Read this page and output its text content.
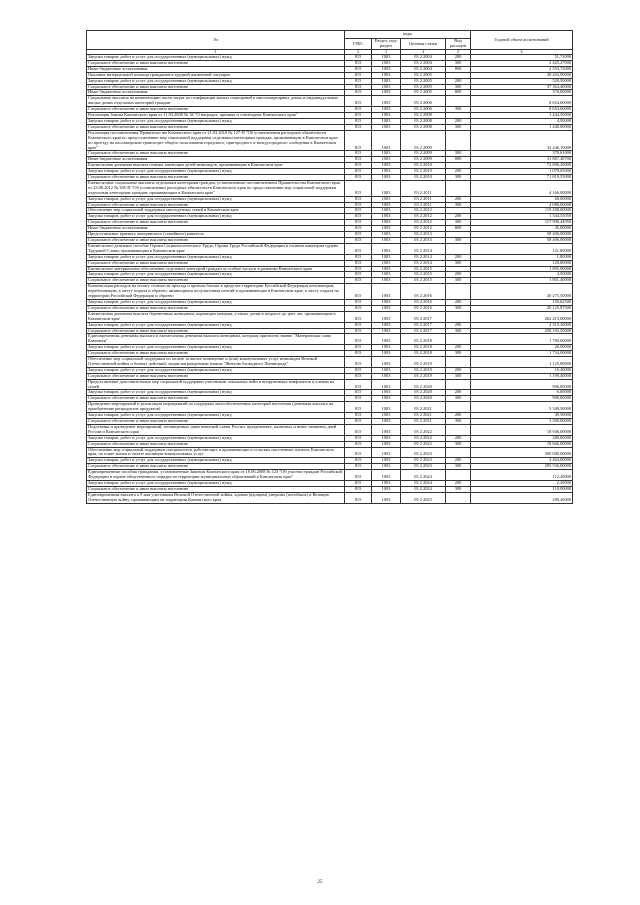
Эл	коды				Годовой объем ассигнований
	ГРБС	Раздел, под-раздел	Целевая статья	Вид расходов	
1	2	3	4	5	6
Закупка товаров, работ и услуг для государственных (муниципальных) нужд	815	1003	03 2 2004	200	51,71000
Социальное обеспечение и иные выплаты населению	815	1003	03 2 2004	300	2 425,27000
Иные бюджетные ассигнования	815	1003	03 2 2004	800	2 553,72000
Оказание материальной помощи гражданам в трудной жизненной ситуации	815	1003	03 2 2005		38 263,90000
Закупка товаров, работ и услуг для государственных (муниципальных) нужд	815	1003	03 2 2005	200	529,50000
Социальное обеспечение и иные выплаты населению	815	1003	03 2 2005	300	37 364,40000
Иные бюджетные ассигнования	815	1003	03 2 2005	800	370,00000
Социальные выплаты на компенсацию части затрат по газификации жилых помещений в многоквартирных домах и индивидуальных жилых домах отдельных категорий граждан	815	1003	03 2 2006		8 654,60000
Социальное обеспечение и иные выплаты населению	815	1003	03 2 2006	300	8 654,60000
Реализация Закона Камчатского края от 11.03.2008 № 18 "О наградах, премиях и стипендиях Камчатского края"	815	1003	03 2 2008		1 444,50000
Закупка товаров, работ и услуг для государственных (муниципальных) нужд	815	1003	03 2 2008	200	4,50000
Социальное обеспечение и иные выплаты населению	815	1003	03 2 2008	300	1 440,00000
Реализация постановления Правительства Камчатского края от 21.03.2010 № 127-П "Об установлении расходных обязательств Камчатского края по предоставлению мер социальной поддержки отдельным категориям граждан, проживающим в Камчатском крае, по проезду на пассажирском транспорте общего пользования городского, пригородного и междугородного сообщения в Камчатском крае"	815	1003	03 2 2009		32 246,10000
Социальное обеспечение и иные выплаты населению	815	1003	03 2 2009	300	379,01000
Иные бюджетные ассигнования	815	1003	03 2 2009	800	31 867,48700
Ежемесячная денежная выплата семьям, имеющим детей-инвалидов, проживающим в Камчатском крае	815	1003	03 2 2010		72 896,20000
Закупка товаров, работ и услуг для государственных (муниципальных) нужд	815	1003	03 2 2010	200	1 079,65000
Социальное обеспечение и иные выплаты населению	815	1003	03 2 2010	300	71 819,55000
Ежемесячные социальные выплаты отдельным категориям граждан, установленные постановлением Правительства Камчатского края от 23.08.2012 № 385-П "Об установлении расходных обязательств Камчатского края по предоставлению мер социальной поддержки отдельным категориям граждан, проживающим в Камчатском крае"	815	1003	03 2 2011		4 166,00000
Закупка товаров, работ и услуг для государственных (муниципальных) нужд	815	1003	03 2 2011	200	60,00000
Социальное обеспечение и иные выплаты населению	815	1003	03 2 2011	300	4 086,00000
Обеспечение мер социальной поддержки многодетных семей в Камчатском крае	815	1003	03 2 2012		119 298,00000
Закупка товаров, работ и услуг для государственных (муниципальных) нужд	815	1003	03 2 2012	200	1 344,55050
Социальное обеспечение и иные выплаты населению	815	1003	03 2 2012	300	117 908,44950
Иные бюджетные ассигнования	815	1003	03 2 2012	800	45,00000
Предоставление краевого материнского (семейного) капитала	815	1003	03 2 2013		58 406,00000
Социальное обеспечение и иные выплаты населению	815	1003	03 2 2013	300	58 406,00000
Ежемесячное денежное пособие Героям Социалистического Труда, Героям Труда Российской Федерации и полным кавалерам ордена Трудовой Славы, проживающим в Камчатском крае	815	1003	03 2 2014		121,80000
Закупка товаров, работ и услуг для государственных (муниципальных) нужд	815	1003	03 2 2014	200	1,80000
Социальное обеспечение и иные выплаты населению	815	1003	03 2 2014	300	120,00000
Ежемесячное материальное обеспечение отдельных категорий граждан за особые заслуги в развитии Камчатского края	815	1003	03 2 2015		1 805,90000
Закупка товаров, работ и услуг для государственных (муниципальных) нужд	815	1003	03 2 2015	200	4,50000
Социальное обеспечение и иные выплаты населению	815	1003	03 2 2015	300	1 801,40000
Компенсация расходов на оплату стоимости проезда и провоза багажа в пределах территории Российской Федерации пенсионерам, неработающим, к месту отдыха и обратно, являющимся получателями пенсий и проживающим в Камчатском крае, к месту отдыха на территории Российской Федерации и обратно	815	1003	03 2 2016		20 275,50000
Закупка товаров, работ и услуг для государственных (муниципальных) нужд	815	1003	03 2 2016	200	150,62500
Социальное обеспечение и иные выплаты населению	815	1003	03 2 2016	300	20 125,87500
Ежемесячная денежная выплата беременным женщинам, кормящим матерям, а также детям в возрасте до трех лет, проживающим в Камчатском крае	815	1003	03 2 2017		262 415,00000
Закупка товаров, работ и услуг для государственных (муниципальных) нужд	815	1003	03 2 2017	200	4 310,30000
Социальное обеспечение и иные выплаты населению	815	1003	03 2 2017	300	258 105,50000
Единовременная денежная выплата и ежемесячная денежная выплата женщинам, которым присвоено звание "Материнская слава Камчатки"	815	1003	03 2 2018		1 760,60000
Закупка товаров, работ и услуг для государственных (муниципальных) нужд	815	1003	03 2 2018	200	26,00000
Социальное обеспечение и иные выплаты населению	815	1003	03 2 2018	300	1 734,00000
Обеспечение мер социальной поддержки по оплате за жилое помещение и (или) коммунальных услуг инвалидам Великой Отечественной войны и боевых действий, лицам награжденным знаком "Жителю блокадного Ленинграда"	815	1003	03 2 2019		1 125,80000
Закупка товаров, работ и услуг для государственных (муниципальных) нужд	815	1003	03 2 2019	200	16,40000
Социальное обеспечение и иные выплаты населению	815	1003	03 2 2019	300	1 109,40000
Предоставление дополнительных мер социальной поддержки участникам локальных войн и вооруженных конфликтов и членам их семей	815	1003	03 2 2020		906,00000
Закупка товаров, работ и услуг для государственных (муниципальных) нужд	815	1003	03 2 2020	200	6,00000
Социальное обеспечение и иные выплаты населению	815	1003	03 2 2020	300	900,00000
Проведение мероприятий и реализация мероприятий по поддержке малообеспеченных категорий населения (денежная выплата на приобретение репродуктов продуктов)	815	1003	03 2 2021		3 349,50000
Закупка товаров, работ и услуг для государственных (муниципальных) нужд	815	1003	03 2 2021	200	49,50000
Социальное обеспечение и иные выплаты населению	815	1003	03 2 2021	300	3 300,00000
Подготовка и проведение мероприятий, посвященных дням воинской славы России, праздничных, памятных и иных значимых дней России и Камчатского края	815	1003	03 2 2022		18 946,00000
Закупка товаров, работ и услуг для государственных (муниципальных) нужд	815	1003	03 2 2022	200	280,00000
Социальное обеспечение и иные выплаты населению	815	1003	03 2 2022	300	18 666,00000
Обеспечение мер социальной поддержки специалистов, работающих и проживающих в сельских населенных пунктах Камчатского края, по плате жилья и оплате жилищно-коммунальных услуг	815	1003	03 2 2023		300 000,00000
Закупка товаров, работ и услуг для государственных (муниципальных) нужд	815	1003	03 2 2023	200	4 464,00000
Социальное обеспечение и иные выплаты населению	815	1003	03 2 2023	300	295 536,00000
Единовременные пособия гражданам, установленные Законом Камчатского края от 18.06.2008 № 123 "Об участии граждан Российской Федерации в охране общественного порядка на территории муниципальных образований в Камчатском крае"	815	1003	03 2 2024		112,20000
Закупка товаров, работ и услуг для государственных (муниципальных) нужд	815	1003	03 2 2024	200	2,20000
Социальное обеспечение и иные выплаты населению	815	1003	03 2 2024	300	110,00000
Единовременная выплата к 9 мая участникам Великой Отечественной войны, вдовам (вдовцам) умерших (погибших) в Великую Отечественную войну, проживающим на территории Камчатского края	815	1003	03 2 2025		280,20000
25
